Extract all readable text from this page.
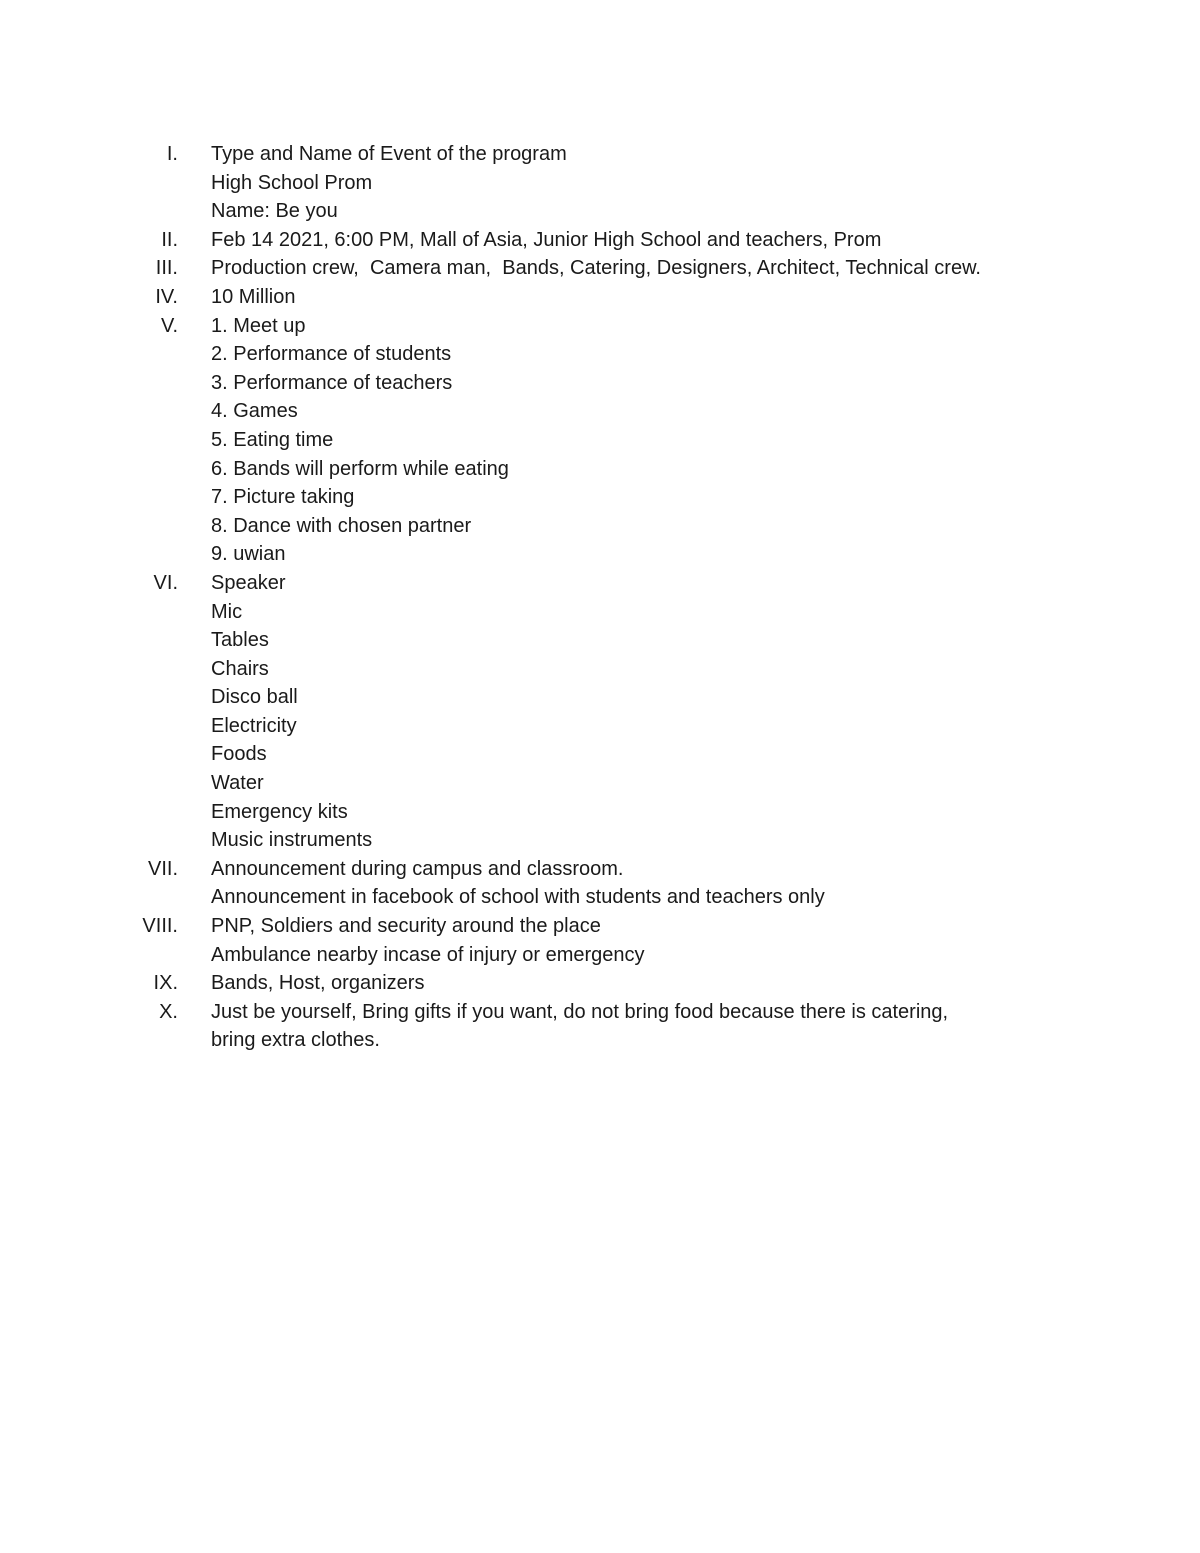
I. Type and Name of Event of the program
High School Prom
Name: Be you
II. Feb 14 2021, 6:00 PM, Mall of Asia, Junior High School and teachers, Prom
III. Production crew,  Camera man,  Bands, Catering, Designers, Architect, Technical crew.
IV. 10 Million
V. 1. Meet up
2. Performance of students
3. Performance of teachers
4. Games
5. Eating time
6. Bands will perform while eating
7. Picture taking
8. Dance with chosen partner
9. uwian
VI. Speaker
Mic
Tables
Chairs
Disco ball
Electricity
Foods
Water
Emergency kits
Music instruments
VII. Announcement during campus and classroom.
Announcement in facebook of school with students and teachers only
VIII. PNP, Soldiers and security around the place
Ambulance nearby incase of injury or emergency
IX. Bands, Host, organizers
X. Just be yourself, Bring gifts if you want, do not bring food because there is catering,
bring extra clothes.
